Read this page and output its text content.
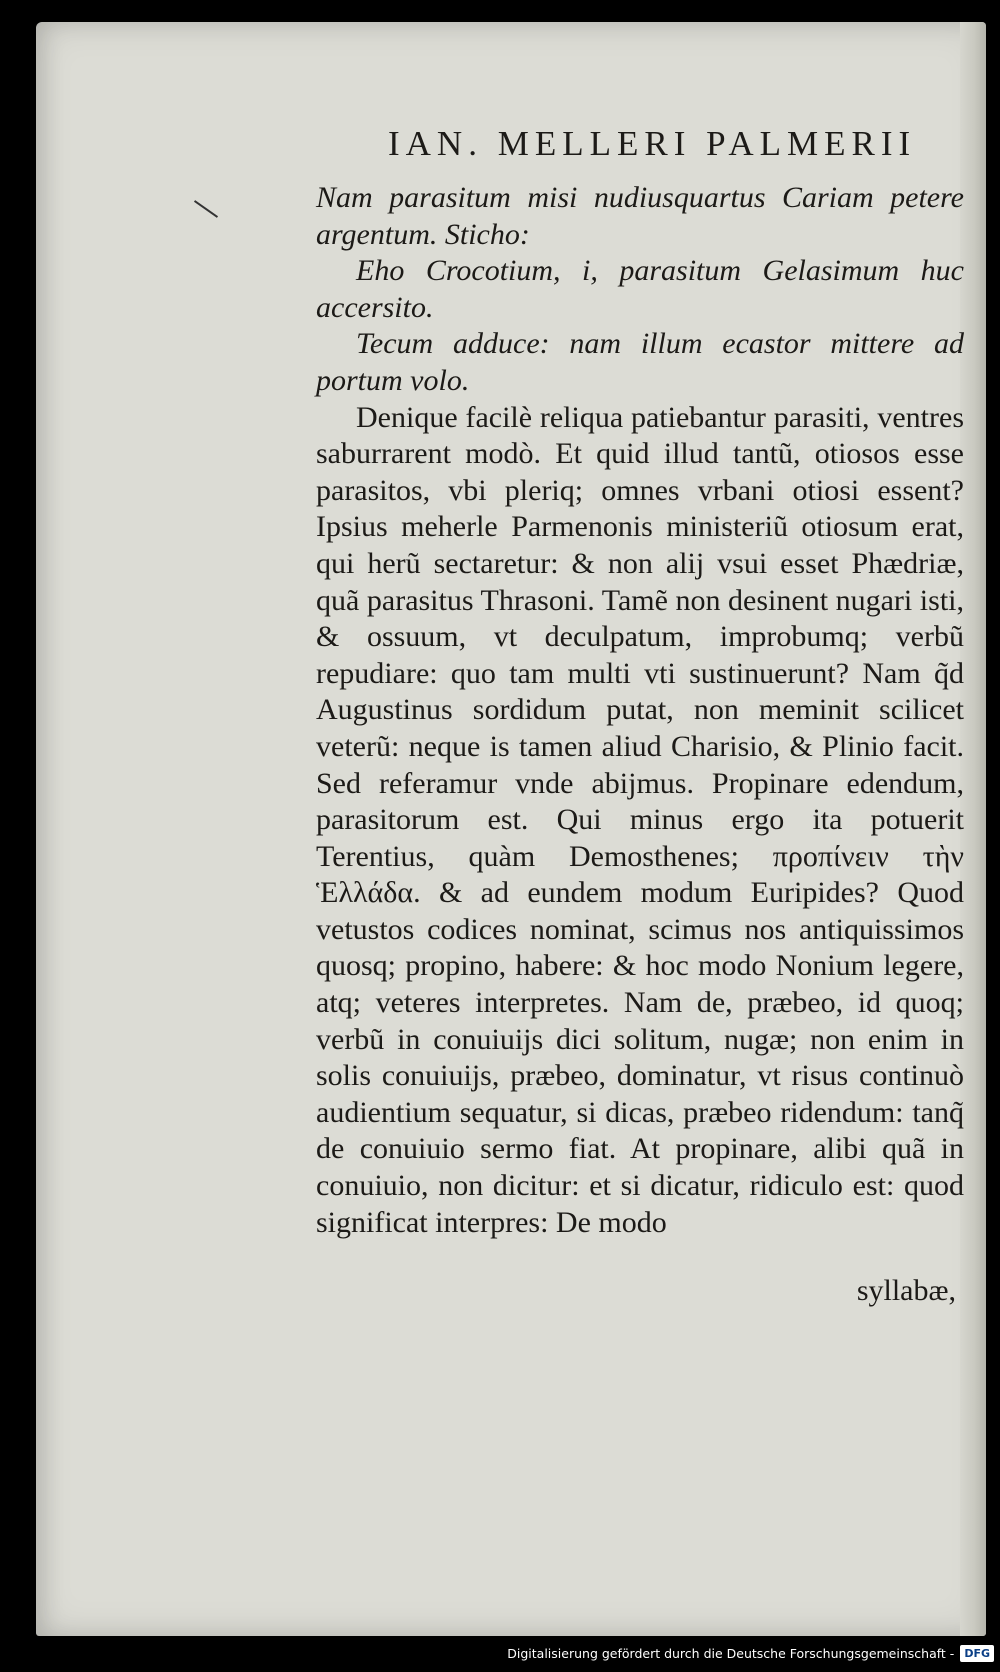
IAN. MELLERI PALMERII

Nam parasitum misi nudiusquartus Cariam petere argentum. Sticho:

Eho Crocotium, i, parasitum Gelasimum huc accersito.

Tecum adduce: nam illum ecastor mittere ad portum volo.

Denique facilè reliqua patiebantur parasiti, ventres saburrarent modò. Et quid illud tantũ, otiosos esse parasitos, vbi pleriq; omnes vrbani otiosi essent? Ipsius meherle Parmenonis ministeriũ otiosum erat, qui herũ sectaretur: & non alij vsui esset Phædriæ, quã parasitus Thrasoni. Tamẽ non desinent nugari isti, & ossuum, vt deculpatum, improbumq; verbũ repudiare: quo tam multi vti sustinuerunt? Nam q̃d Augustinus sordidum putat, non meminit scilicet veterũ: neque is tamen aliud Charisio, & Plinio facit. Sed referamur vnde abijmus. Propinare edendum, parasitorum est. Qui minus ergo ita potuerit Terentius, quàm Demosthenes; προπίνειν τὴν Ἑλλάδα. & ad eundem modum Euripides? Quod vetustos codices nominat, scimus nos antiquissimos quosq; propino, habere: & hoc modo Nonium legere, atq; veteres interpretes. Nam de, præbeo, id quoq; verbũ in conuiuijs dici solitum, nugæ; non enim in solis conuiuijs, præbeo, dominatur, vt risus continuò audientium sequatur, si dicas, præbeo ridendum: tanq̃ de conuiuio sermo fiat. At propinare, alibi quã in conuiuio, non dicitur: et si dicatur, ridiculo est: quod significat interpres: De modo

syllabæ,
Digitalisierung gefördert durch die Deutsche Forschungsgemeinschaft - DFG
